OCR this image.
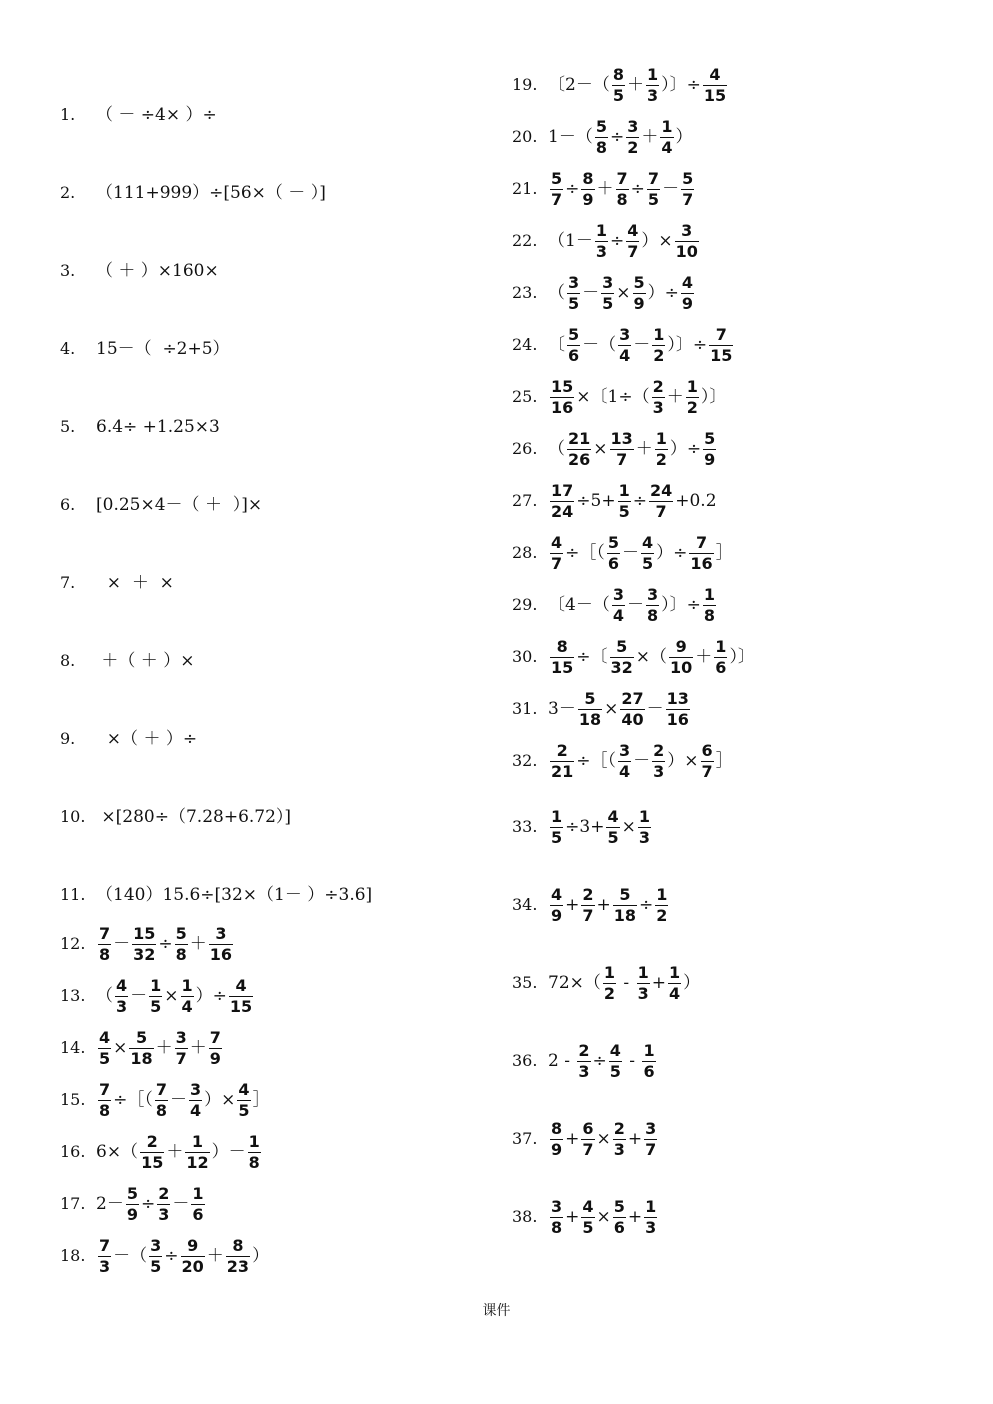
1.	（ － ÷4× ）÷
2.	（111+999）÷[56×（ － ）]
3.	（ ＋ ）×160×
4.	15－（  ÷2+5）
5.	6.4÷ +1.25×3
6.	[0.25×4－（ ＋  ）]×
7.	×  ＋  ×
8.	＋（ ＋ ）×
9.	×（ ＋ ）÷
10. ×[280÷（7.28+6.72）]
11. （140）15.6÷[32×（1－ ）÷3.6]
12. $\frac{7}{8} - \frac{15}{32} \div \frac{5}{8} + \frac{3}{16}$
13. （ $\frac{4}{3} - \frac{1}{5} \times \frac{1}{4}$ ）÷ $\frac{4}{15}$
14. $\frac{4}{5} \times \frac{5}{18} + \frac{3}{7} + \frac{7}{9}$
15. $\frac{7}{8}$ ÷［（ $\frac{7}{8} - \frac{3}{4}$ ）× $\frac{4}{5}$ ］
16. $6\times( \frac{2}{15} + \frac{1}{12}$ ）－ $\frac{1}{8}$
17. $2- \frac{5}{9} \div \frac{2}{3} - \frac{1}{6}$
18. $\frac{7}{3}$ －（ $\frac{3}{5} \div \frac{9}{20} + \frac{8}{23}$ ）
19. 〔$2-( \frac{8}{5} + \frac{1}{3}$ ）〕÷ $\frac{4}{15}$
20. $1-( \frac{5}{8} \div \frac{3}{2} + \frac{1}{4}$ ）
21. $\frac{5}{7} \div \frac{8}{9} + \frac{7}{8} \div \frac{7}{5} - \frac{5}{7}$
22. （$1- \frac{1}{3} \div \frac{4}{7}$ ）× $\frac{3}{10}$
23. （ $\frac{3}{5} - \frac{3}{5} \times \frac{5}{9}$ ）÷ $\frac{4}{9}$
24. 〔 $\frac{5}{6}$ －（ $\frac{3}{4} - \frac{1}{2}$ ）〕÷ $\frac{7}{15}$
25. $\frac{15}{16}$ ×〔$1\div( \frac{2}{3} + \frac{1}{2}$ ）〕
26. （ $\frac{21}{26} \times \frac{13}{7} + \frac{1}{2}$ ）÷ $\frac{5}{9}$
27. $\frac{17}{24} \div 5+ \frac{1}{5} \div \frac{24}{7} +0.2$
28. $\frac{4}{7}$ ÷［（ $\frac{5}{6} - \frac{4}{5}$ ）÷ $\frac{7}{16}$ ］
29. 〔$4-( \frac{3}{4} - \frac{3}{8}$ ）〕÷ $\frac{1}{8}$
30. $\frac{8}{15}$ ÷〔 $\frac{5}{32}$ ×（ $\frac{9}{10} + \frac{1}{6}$ ）〕
31. $3- \frac{5}{18} \times \frac{27}{40} - \frac{13}{16}$
32. $\frac{2}{21}$ ÷［（ $\frac{3}{4} - \frac{2}{3}$ ）× $\frac{6}{7}$ ］
33. $\frac{1}{5} \div 3+ \frac{4}{5} \times \frac{1}{3}$
34. $\frac{4}{9} + \frac{2}{7} + \frac{5}{18} \div \frac{1}{2}$
35. $72\times( \frac{1}{2} - \frac{1}{3} + \frac{1}{4}$ ）
36. $2 - \frac{2}{3} \div \frac{4}{5} - \frac{1}{6}$
37. $\frac{8}{9} + \frac{6}{7} \times \frac{2}{3} + \frac{3}{7}$
38. $\frac{3}{8} + \frac{4}{5} \times \frac{5}{6} + \frac{1}{3}$
课件
